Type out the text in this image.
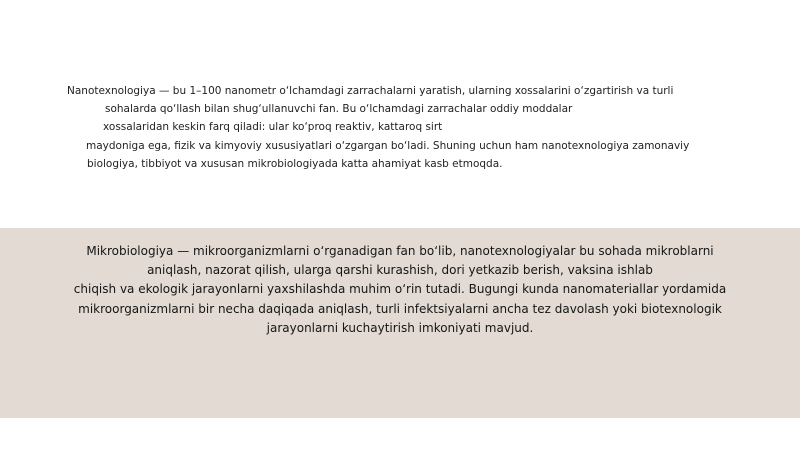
Nanotexnologiya — bu 1–100 nanometr o‘lchamdagi zarrachalarni yaratish, ularning xossalarini o‘zgartirish va turli
sohalarda qo‘llash bilan shug‘ullanuvchi fan. Bu o‘lchamdagi zarrachalar oddiy moddalar
xossalaridan keskin farq qiladi: ular ko‘proq reaktiv, kattaroq sirt
maydoniga ega, fizik va kimyoviy xususiyatlari o‘zgargan bo‘ladi. Shuning uchun ham nanotexnologiya zamonaviy
biologiya, tibbiyot va xususan mikrobiologiyada katta ahamiyat kasb etmoqda.
Mikrobiologiya — mikroorganizmlarni o‘rganadigan fan bo‘lib, nanotexnologiyalar bu sohada mikroblarni
aniqlash, nazorat qilish, ularga qarshi kurashish, dori yetkazib berish, vaksina ishlab
chiqish va ekologik jarayonlarni yaxshilashda muhim o‘rin tutadi. Bugungi kunda nanomateriallar yordamida
mikroorganizmlarni bir necha daqiqada aniqlash, turli infektsiyalarni ancha tez davolash yoki biotexnologik
jarayonlarni kuchaytirish imkoniyati mavjud.
